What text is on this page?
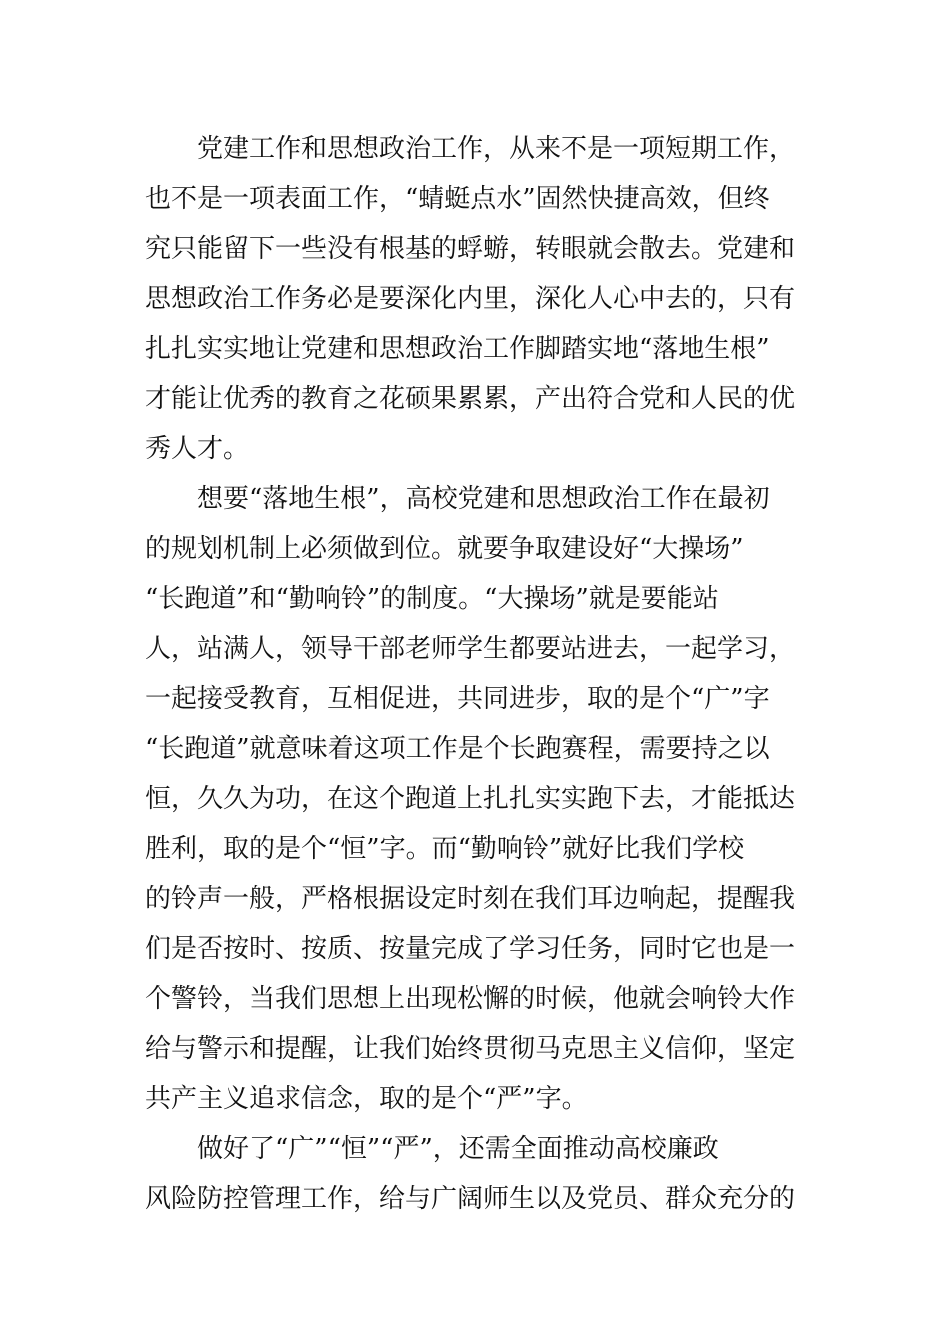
　　党建工作和思想政治工作，从来不是一项短期工作，
也不是一项表面工作，“蜻蜓点水”固然快捷高效，但终
究只能留下一些没有根基的蜉蝣，转眼就会散去。党建和
思想政治工作务必是要深化内里，深化人心中去的，只有
扎扎实实地让党建和思想政治工作脚踏实地“落地生根”
才能让优秀的教育之花硕果累累，产出符合党和人民的优
秀人才。
　　想要“落地生根”，高校党建和思想政治工作在最初
的规划机制上必须做到位。就要争取建设好“大操场”
“长跑道”和“勤响铃”的制度。“大操场”就是要能站
人，站满人，领导干部老师学生都要站进去，一起学习，
一起接受教育，互相促进，共同进步，取的是个“广”字
“长跑道”就意味着这项工作是个长跑赛程，需要持之以
恒，久久为功，在这个跑道上扎扎实实跑下去，才能抵达
胜利，取的是个“恒”字。而“勤响铃”就好比我们学校
的铃声一般，严格根据设定时刻在我们耳边响起，提醒我
们是否按时、按质、按量完成了学习任务，同时它也是一
个警铃，当我们思想上出现松懈的时候，他就会响铃大作
给与警示和提醒，让我们始终贯彻马克思主义信仰，坚定
共产主义追求信念，取的是个“严”字。
　　做好了“广”“恒”“严”，还需全面推动高校廉政
风险防控管理工作，给与广阔师生以及党员、群众充分的
